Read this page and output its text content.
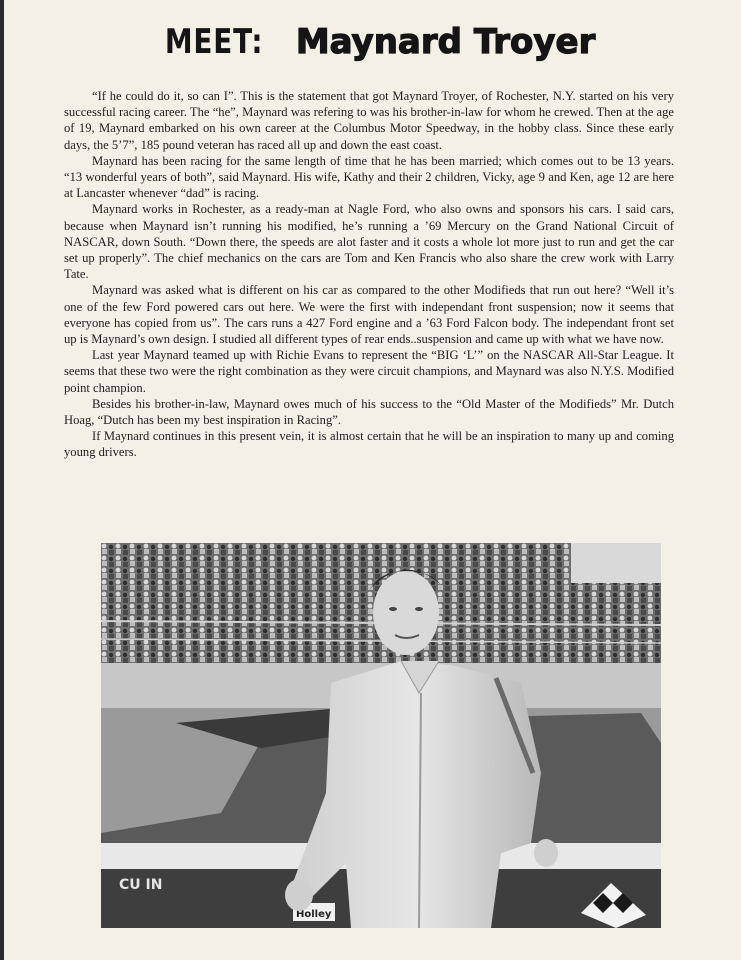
MEET: Maynard Troyer

“If he could do it, so can I”. This is the statement that got Maynard Troyer, of Rochester, N.Y. started on his very successful racing career. The “he”, Maynard was refering to was his brother-in-law for whom he crewed. Then at the age of 19, Maynard embarked on his own career at the Columbus Motor Speedway, in the hobby class. Since these early days, the 5’7”, 185 pound veteran has raced all up and down the east coast.

Maynard has been racing for the same length of time that he has been married; which comes out to be 13 years. “13 wonderful years of both”, said Maynard. His wife, Kathy and their 2 children, Vicky, age 9 and Ken, age 12 are here at Lancaster whenever “dad” is racing.

Maynard works in Rochester, as a ready-man at Nagle Ford, who also owns and sponsors his cars. I said cars, because when Maynard isn’t running his modified, he’s running a ’69 Mercury on the Grand National Circuit of NASCAR, down South. “Down there, the speeds are alot faster and it costs a whole lot more just to run and get the car set up properly”. The chief mechanics on the cars are Tom and Ken Francis who also share the crew work with Larry Tate.

Maynard was asked what is different on his car as compared to the other Modifieds that run out here? “Well it’s one of the few Ford powered cars out here. We were the first with independant front suspension; now it seems that everyone has copied from us”. The cars runs a 427 Ford engine and a ’63 Ford Falcon body. The independant front set up is Maynard’s own design. I studied all different types of rear ends..suspension and came up with what we have now.

Last year Maynard teamed up with Richie Evans to represent the “BIG ‘L’” on the NASCAR All-Star League. It seems that these two were the right combination as they were circuit champions, and Maynard was also N.Y.S. Modified point champion.

Besides his brother-in-law, Maynard owes much of his success to the “Old Master of the Modifieds” Mr. Dutch Hoag, “Dutch has been my best inspiration in Racing”.

If Maynard continues in this present vein, it is almost certain that he will be an inspiration to many up and coming young drivers.

CU IN
Holley
